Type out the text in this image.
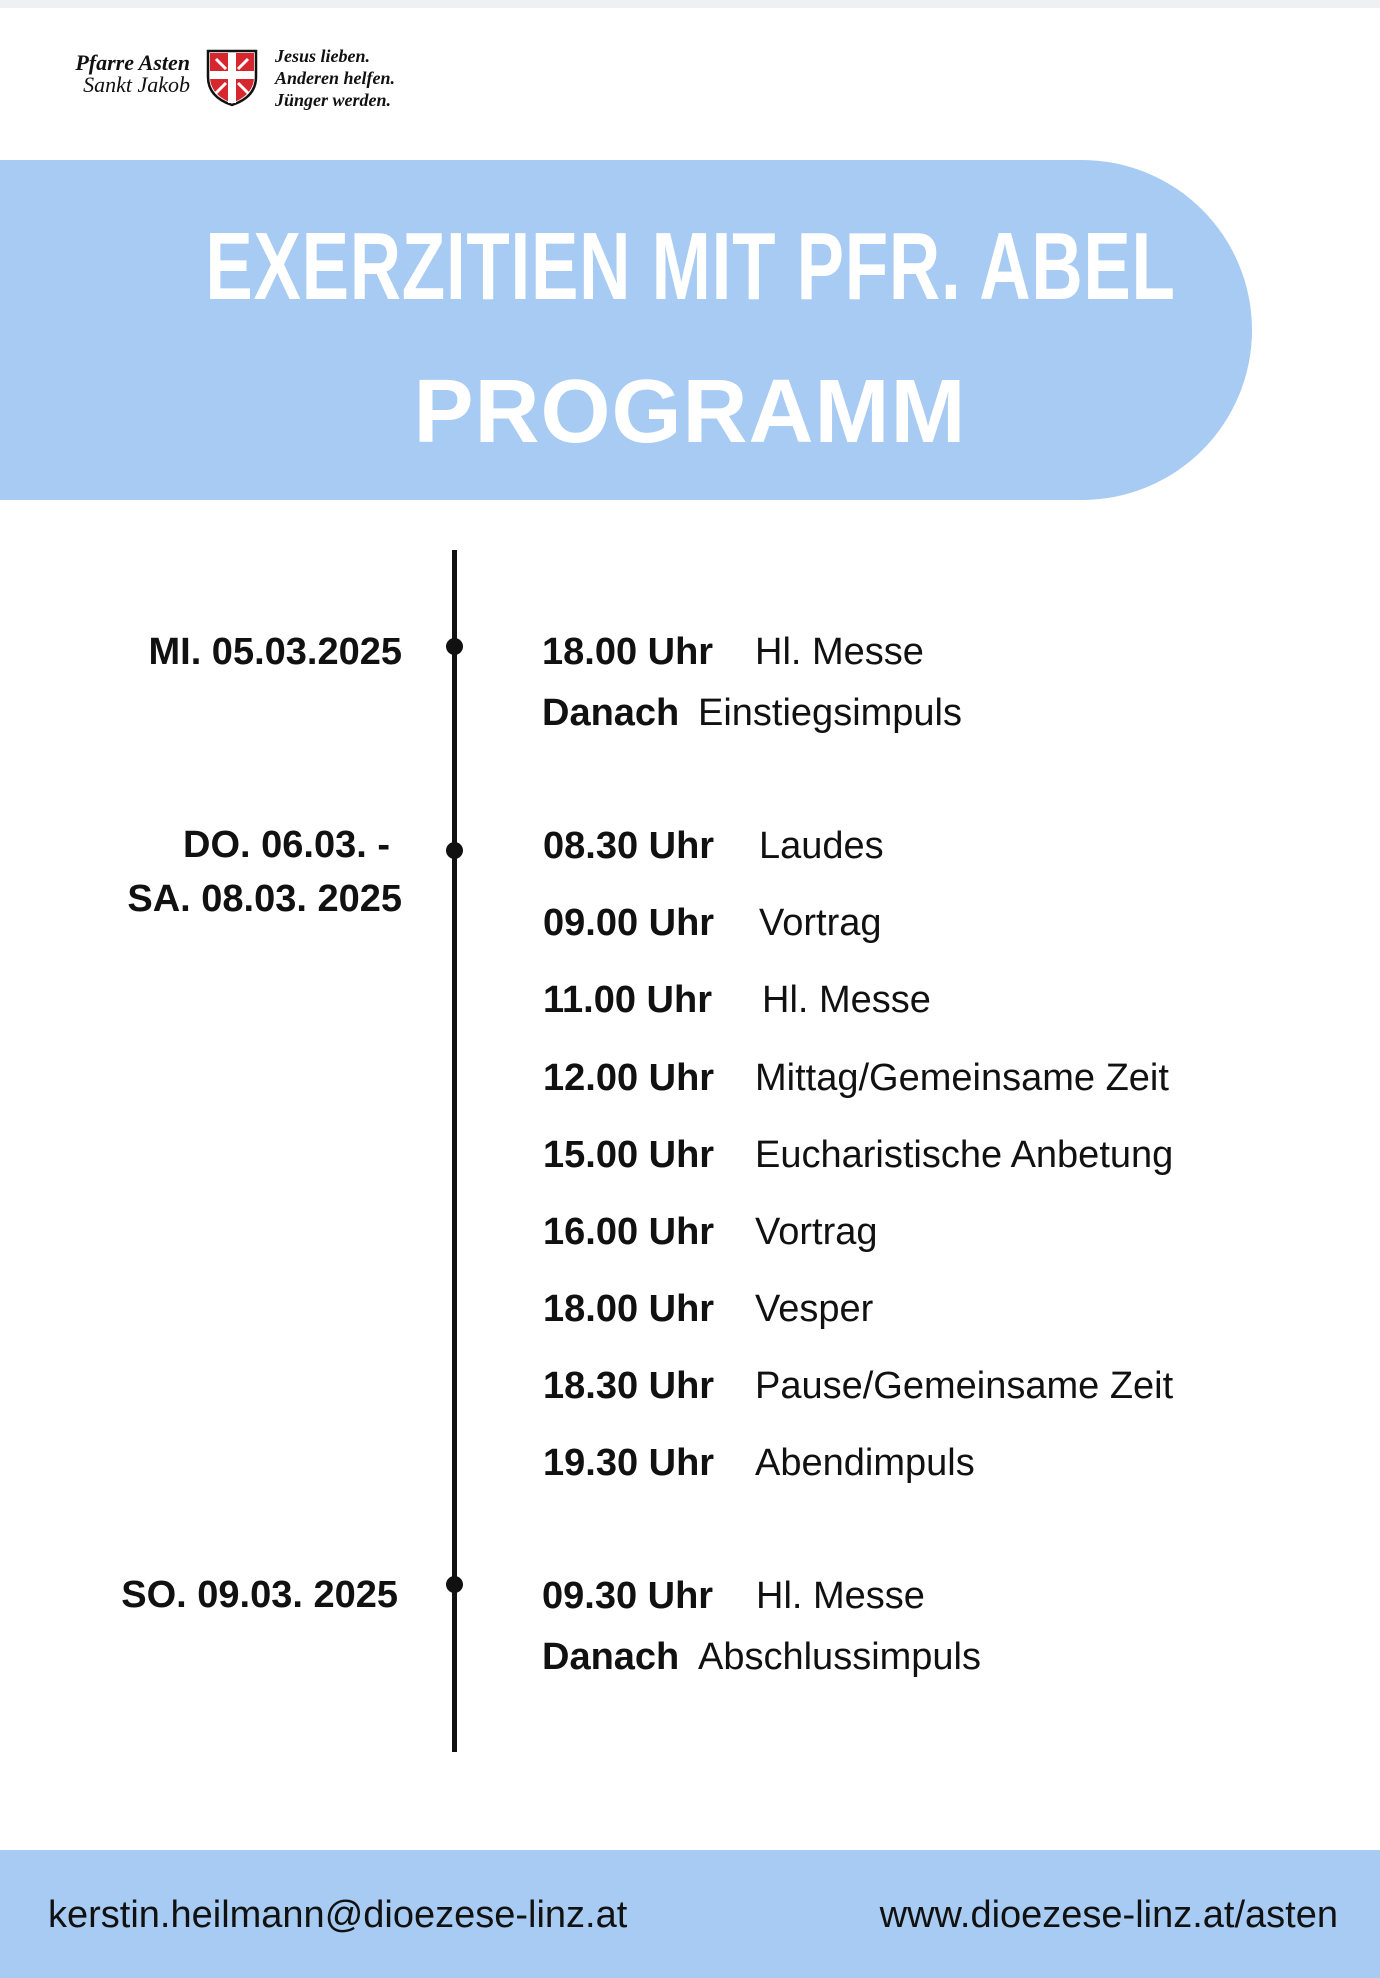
Pfarre Asten
Sankt Jakob
Jesus lieben.
Anderen helfen.
Jünger werden.
EXERZITIEN MIT PFR. ABEL
PROGRAMM
MI. 05.03.2025
DO. 06.03. -
SA. 08.03. 2025
SO. 09.03. 2025
18.00 Uhr Hl. Messe
Danach Einstiegsimpuls
08.30 Uhr Laudes
09.00 Uhr Vortrag
11.00 Uhr Hl. Messe
12.00 Uhr Mittag/Gemeinsame Zeit
15.00 Uhr Eucharistische Anbetung
16.00 Uhr Vortrag
18.00 Uhr Vesper
18.30 Uhr Pause/Gemeinsame Zeit
19.30 Uhr Abendimpuls
09.30 Uhr Hl. Messe
Danach Abschlussimpuls
kerstin.heilmann@dioezese-linz.at	www.dioezese-linz.at/asten
